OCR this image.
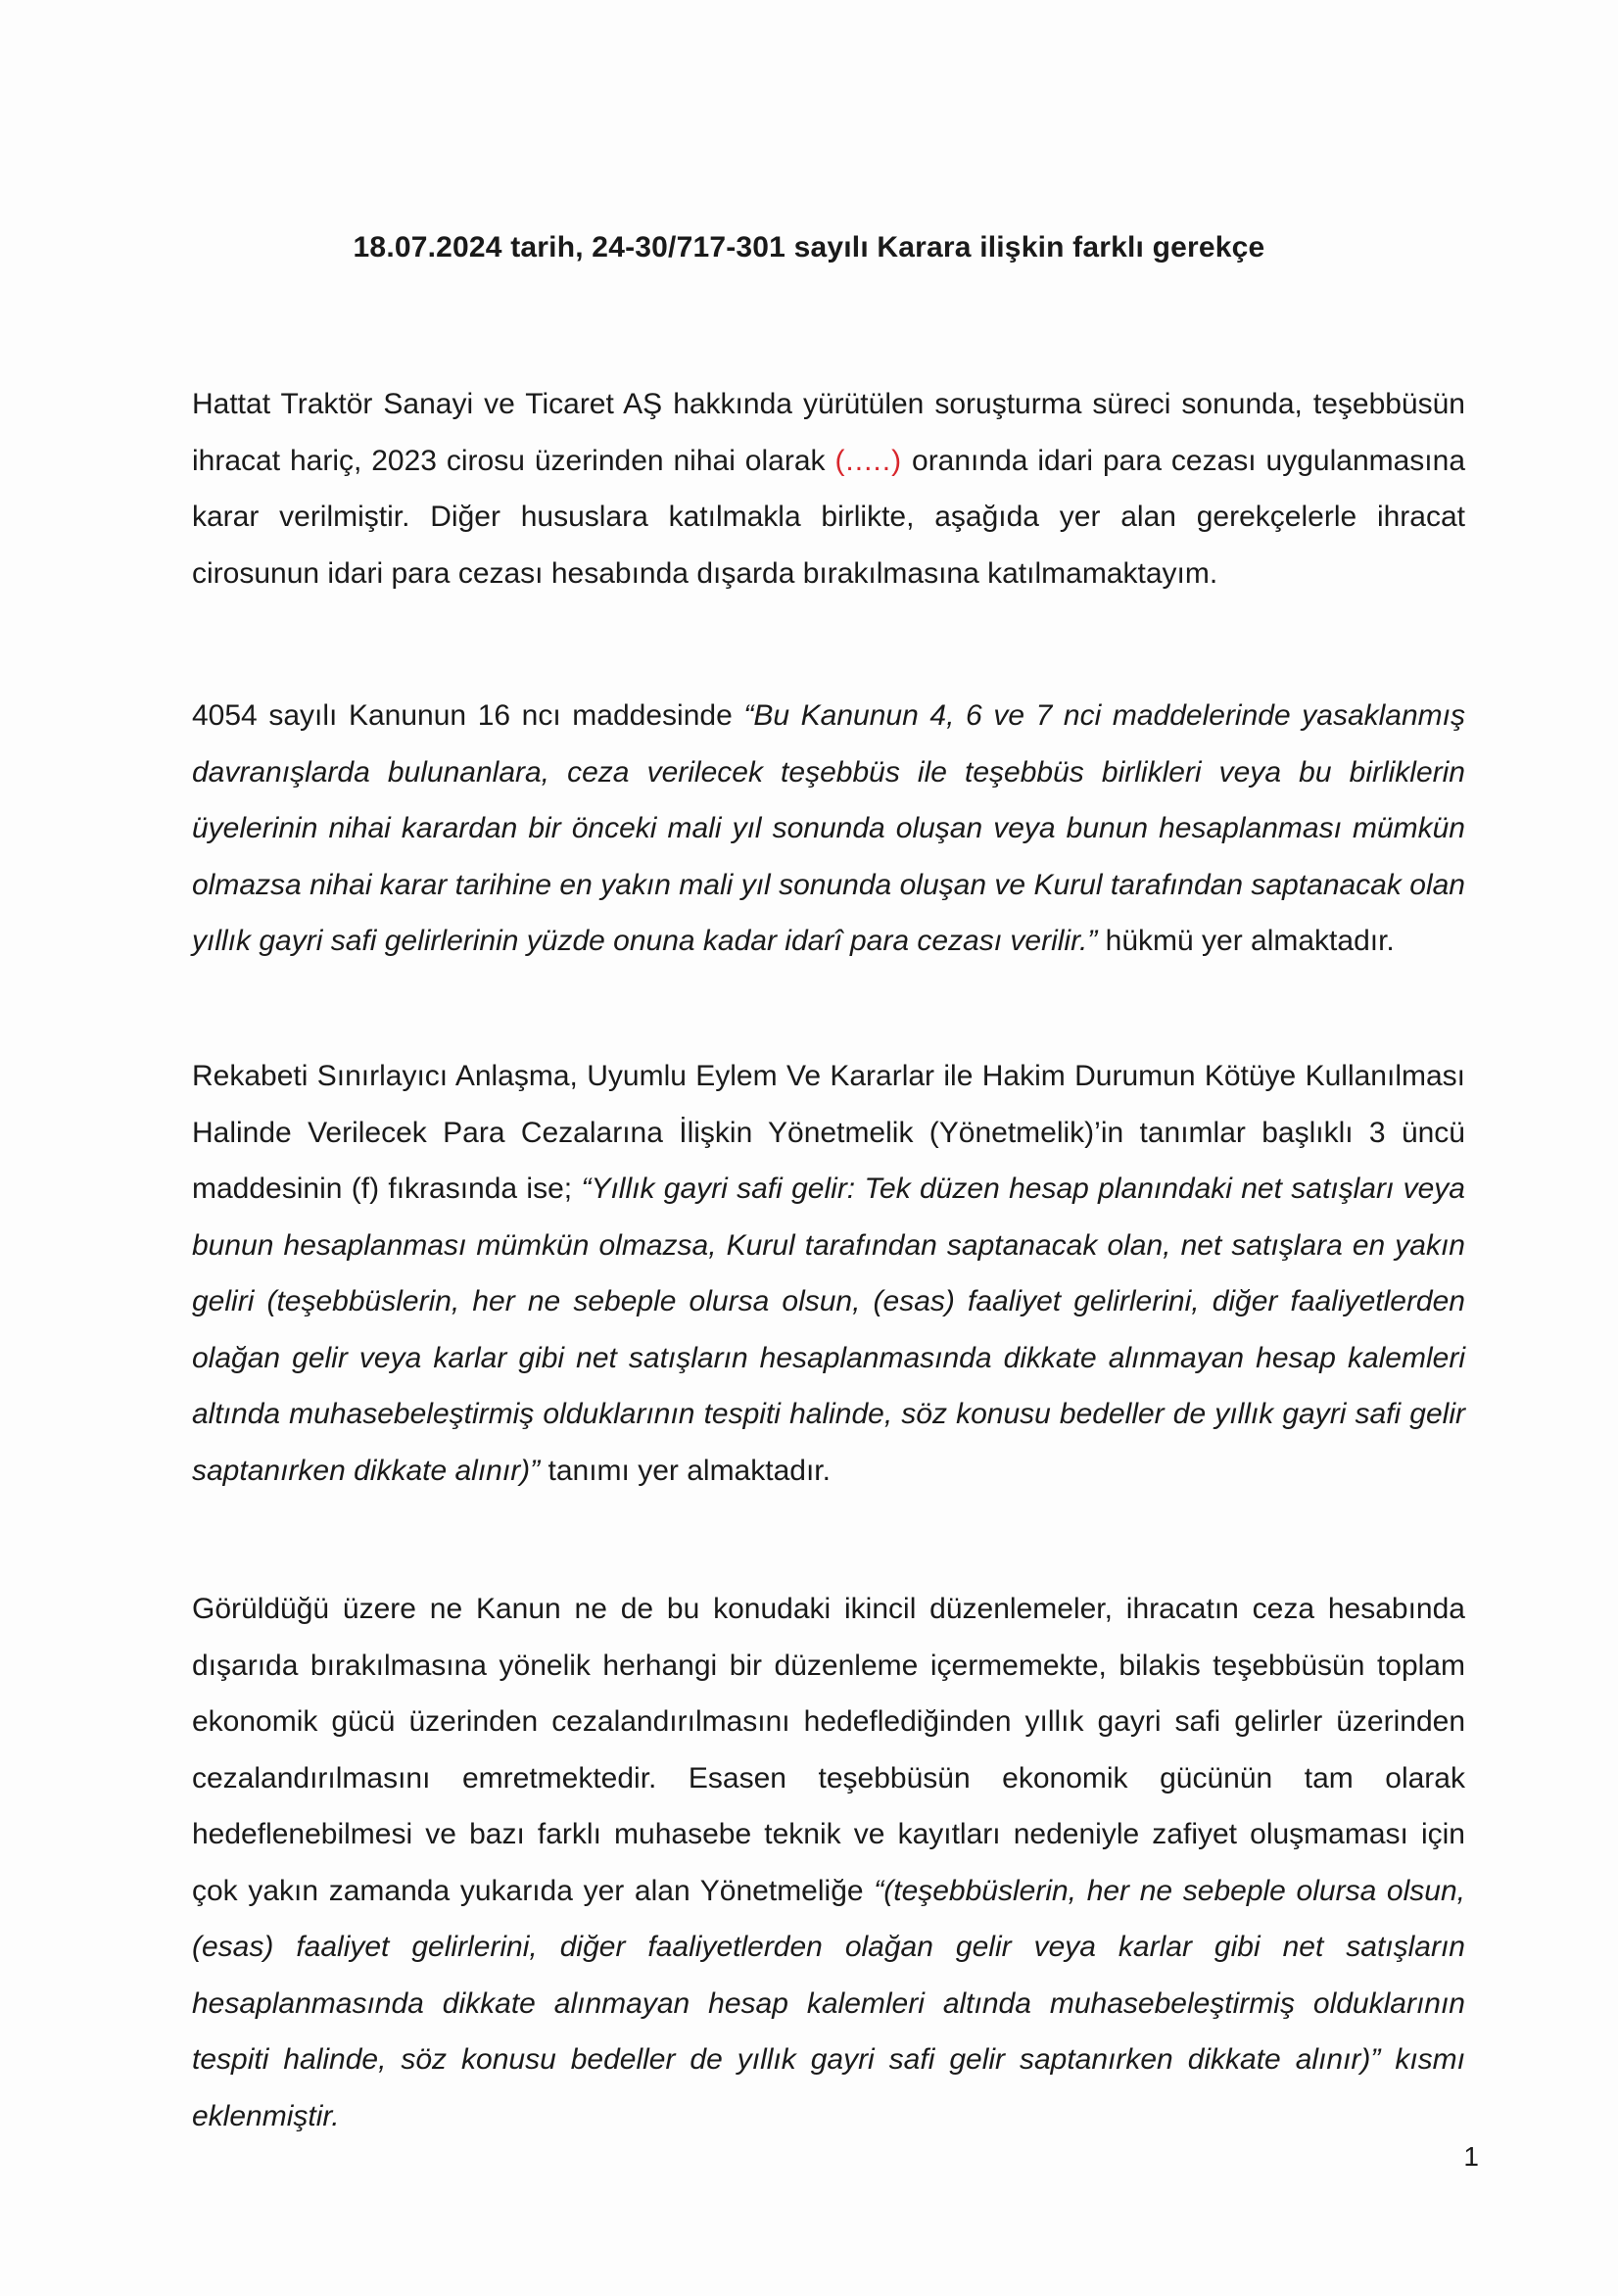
18.07.2024 tarih, 24-30/717-301 sayılı Karara ilişkin farklı gerekçe

Hattat Traktör Sanayi ve Ticaret AŞ hakkında yürütülen soruşturma süreci sonunda, teşebbüsün ihracat hariç, 2023 cirosu üzerinden nihai olarak (.....) oranında idari para cezası uygulanmasına karar verilmiştir. Diğer hususlara katılmakla birlikte, aşağıda yer alan gerekçelerle ihracat cirosunun idari para cezası hesabında dışarda bırakılmasına katılmamaktayım.

4054 sayılı Kanunun 16 ncı maddesinde “Bu Kanunun 4, 6 ve 7 nci maddelerinde yasaklanmış davranışlarda bulunanlara, ceza verilecek teşebbüs ile teşebbüs birlikleri veya bu birliklerin üyelerinin nihai karardan bir önceki mali yıl sonunda oluşan veya bunun hesaplanması mümkün olmazsa nihai karar tarihine en yakın mali yıl sonunda oluşan ve Kurul tarafından saptanacak olan yıllık gayri safi gelirlerinin yüzde onuna kadar idarî para cezası verilir.” hükmü yer almaktadır.

Rekabeti Sınırlayıcı Anlaşma, Uyumlu Eylem Ve Kararlar ile Hakim Durumun Kötüye Kullanılması Halinde Verilecek Para Cezalarına İlişkin Yönetmelik (Yönetmelik)’in tanımlar başlıklı 3 üncü maddesinin (f) fıkrasında ise; “Yıllık gayri safi gelir: Tek düzen hesap planındaki net satışları veya bunun hesaplanması mümkün olmazsa, Kurul tarafından saptanacak olan, net satışlara en yakın geliri (teşebbüslerin, her ne sebeple olursa olsun, (esas) faaliyet gelirlerini, diğer faaliyetlerden olağan gelir veya karlar gibi net satışların hesaplanmasında dikkate alınmayan hesap kalemleri altında muhasebeleştirmiş olduklarının tespiti halinde, söz konusu bedeller de yıllık gayri safi gelir saptanırken dikkate alınır)” tanımı yer almaktadır.

Görüldüğü üzere ne Kanun ne de bu konudaki ikincil düzenlemeler, ihracatın ceza hesabında dışarıda bırakılmasına yönelik herhangi bir düzenleme içermemekte, bilakis teşebbüsün toplam ekonomik gücü üzerinden cezalandırılmasını hedeflediğinden yıllık gayri safi gelirler üzerinden cezalandırılmasını emretmektedir. Esasen teşebbüsün ekonomik gücünün tam olarak hedeflenebilmesi ve bazı farklı muhasebe teknik ve kayıtları nedeniyle zafiyet oluşmaması için çok yakın zamanda yukarıda yer alan Yönetmeliğe “(teşebbüslerin, her ne sebeple olursa olsun, (esas) faaliyet gelirlerini, diğer faaliyetlerden olağan gelir veya karlar gibi net satışların hesaplanmasında dikkate alınmayan hesap kalemleri altında muhasebeleştirmiş olduklarının tespiti halinde, söz konusu bedeller de yıllık gayri safi gelir saptanırken dikkate alınır)” kısmı eklenmiştir.

1
